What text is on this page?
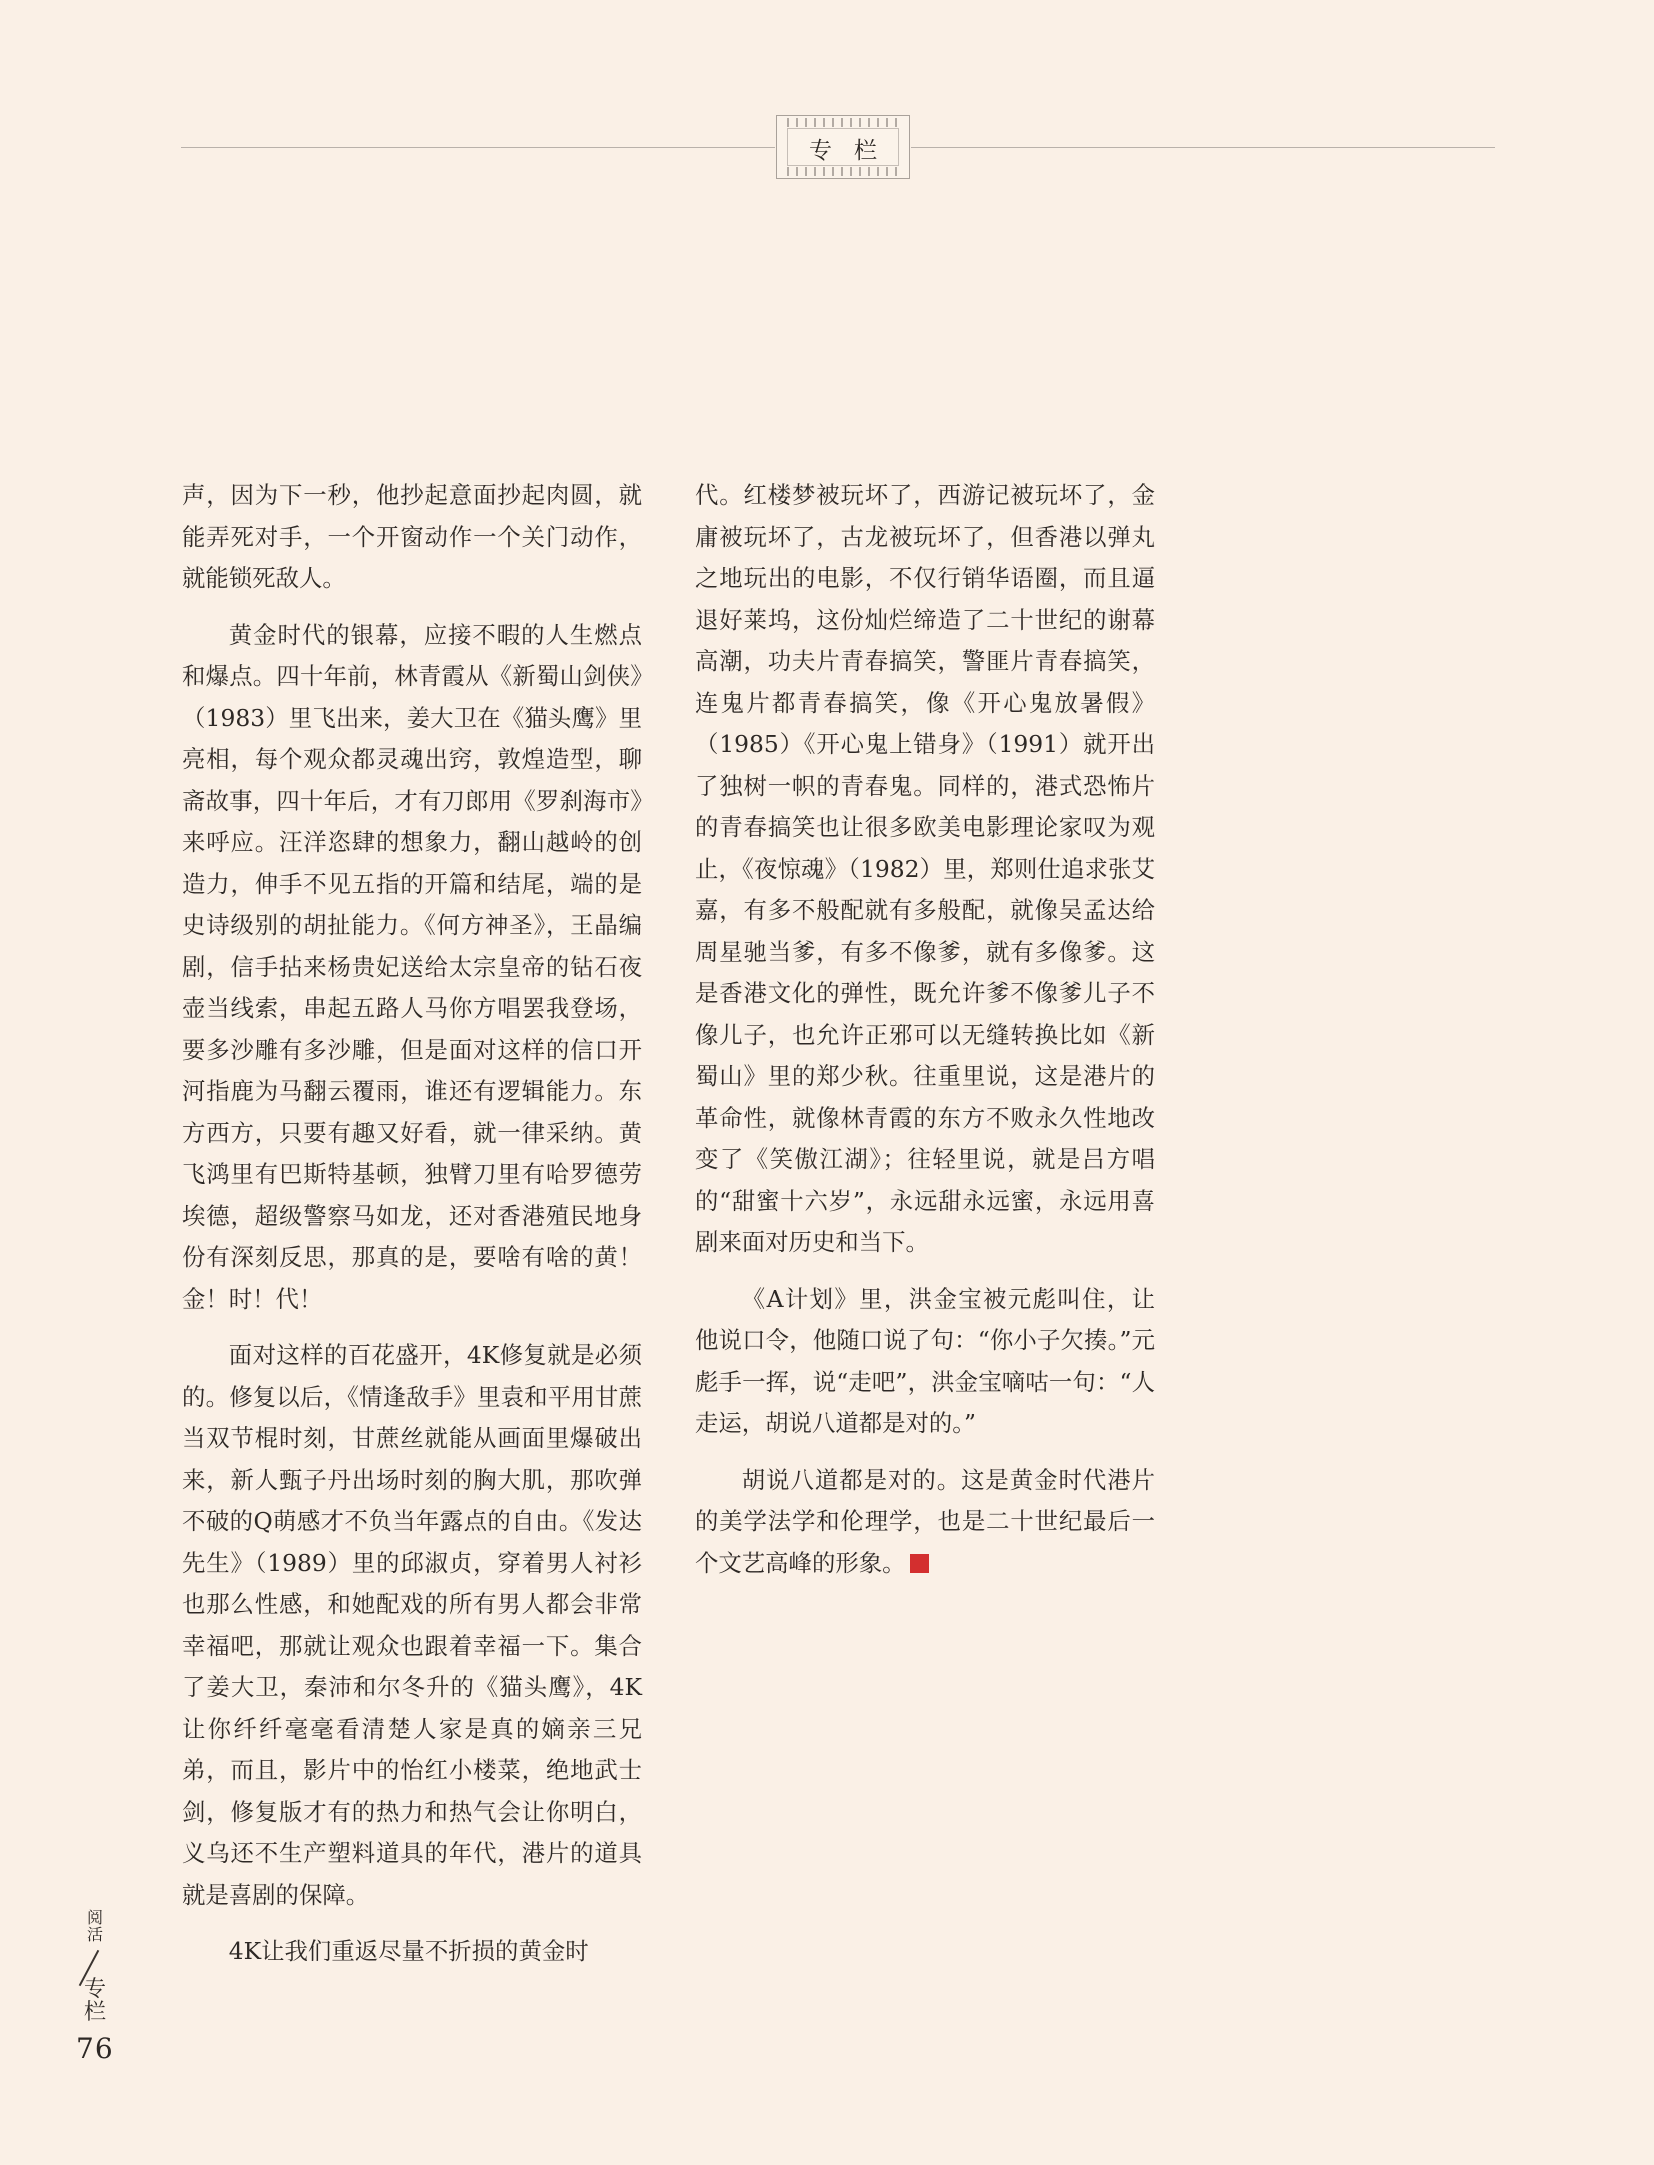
专栏

声，因为下一秒，他抄起意面抄起肉圆，就能弄死对手，一个开窗动作一个关门动作，就能锁死敌人。

黄金时代的银幕，应接不暇的人生燃点和爆点。四十年前，林青霞从《新蜀山剑侠》（1983）里飞出来，姜大卫在《猫头鹰》里亮相，每个观众都灵魂出窍，敦煌造型，聊斋故事，四十年后，才有刀郎用《罗刹海市》来呼应。汪洋恣肆的想象力，翻山越岭的创造力，伸手不见五指的开篇和结尾，端的是史诗级别的胡扯能力。《何方神圣》，王晶编剧，信手拈来杨贵妃送给太宗皇帝的钻石夜壶当线索，串起五路人马你方唱罢我登场，要多沙雕有多沙雕，但是面对这样的信口开河指鹿为马翻云覆雨，谁还有逻辑能力。东方西方，只要有趣又好看，就一律采纳。黄飞鸿里有巴斯特基顿，独臂刀里有哈罗德劳埃德，超级警察马如龙，还对香港殖民地身份有深刻反思，那真的是，要啥有啥的黄！金！时！代！

面对这样的百花盛开，4K修复就是必须的。修复以后，《情逢敌手》里袁和平用甘蔗当双节棍时刻，甘蔗丝就能从画面里爆破出来，新人甄子丹出场时刻的胸大肌，那吹弹不破的Q萌感才不负当年露点的自由。《发达先生》（1989）里的邱淑贞，穿着男人衬衫也那么性感，和她配戏的所有男人都会非常幸福吧，那就让观众也跟着幸福一下。集合了姜大卫，秦沛和尔冬升的《猫头鹰》，4K让你纤纤毫毫看清楚人家是真的嫡亲三兄弟，而且，影片中的怡红小楼菜，绝地武士剑，修复版才有的热力和热气会让你明白，义乌还不生产塑料道具的年代，港片的道具就是喜剧的保障。

4K让我们重返尽量不折损的黄金时

代。红楼梦被玩坏了，西游记被玩坏了，金庸被玩坏了，古龙被玩坏了，但香港以弹丸之地玩出的电影，不仅行销华语圈，而且逼退好莱坞，这份灿烂缔造了二十世纪的谢幕高潮，功夫片青春搞笑，警匪片青春搞笑，连鬼片都青春搞笑，像《开心鬼放暑假》（1985）《开心鬼上错身》（1991）就开出了独树一帜的青春鬼。同样的，港式恐怖片的青春搞笑也让很多欧美电影理论家叹为观止，《夜惊魂》（1982）里，郑则仕追求张艾嘉，有多不般配就有多般配，就像吴孟达给周星驰当爹，有多不像爹，就有多像爹。这是香港文化的弹性，既允许爹不像爹儿子不像儿子，也允许正邪可以无缝转换比如《新蜀山》里的郑少秋。往重里说，这是港片的革命性，就像林青霞的东方不败永久性地改变了《笑傲江湖》；往轻里说，就是吕方唱的“甜蜜十六岁”，永远甜永远蜜，永远用喜剧来面对历史和当下。

《A计划》里，洪金宝被元彪叫住，让他说口令，他随口说了句：“你小子欠揍。”元彪手一挥，说“走吧”，洪金宝嘀咕一句：“人走运，胡说八道都是对的。”

胡说八道都是对的。这是黄金时代港片的美学法学和伦理学，也是二十世纪最后一个文艺高峰的形象。

阅
活
专
栏
76
